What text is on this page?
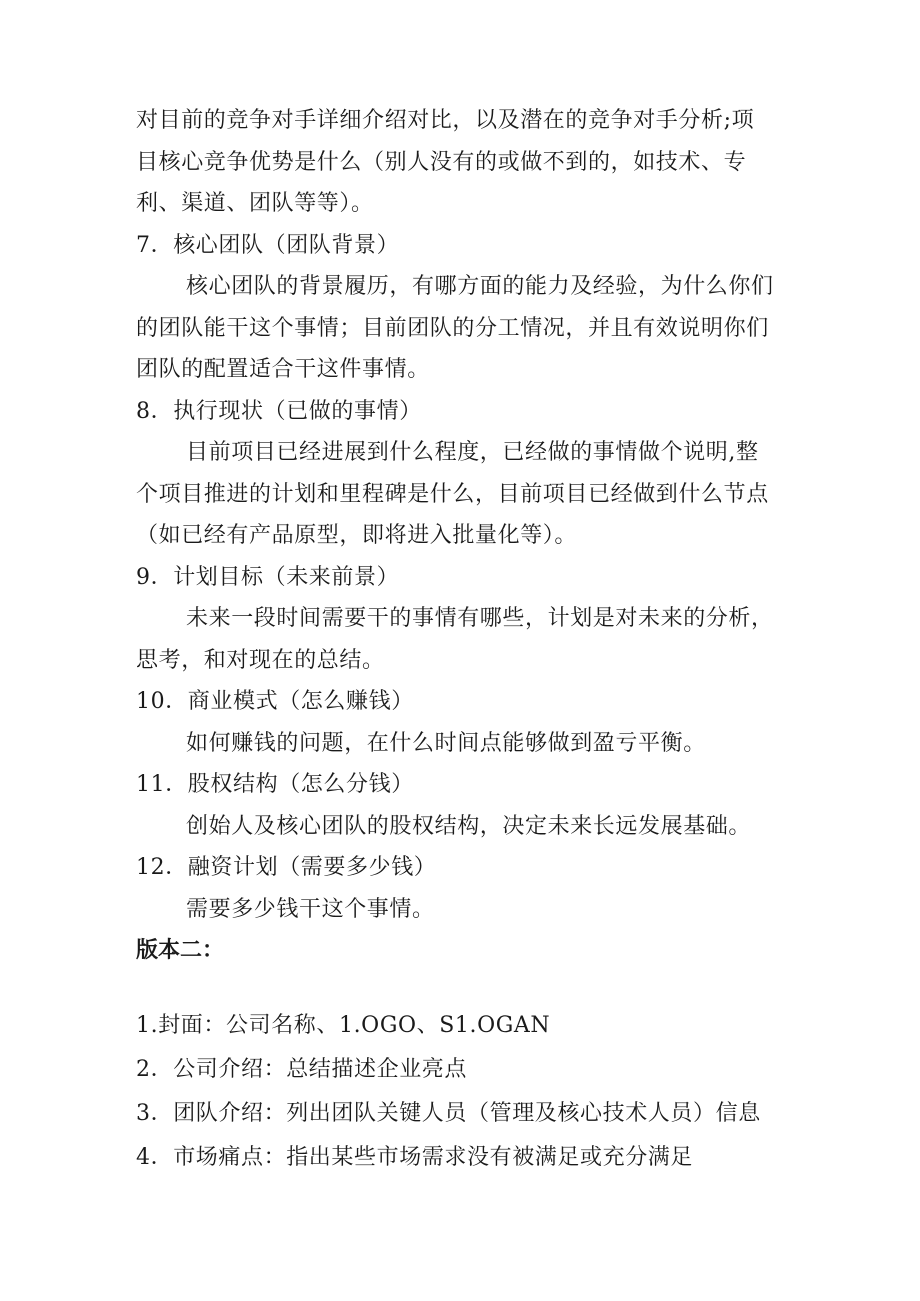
对目前的竞争对手详细介绍对比，以及潜在的竞争对手分析;项
目核心竞争优势是什么（别人没有的或做不到的，如技术、专
利、渠道、团队等等）。
7．核心团队（团队背景）
核心团队的背景履历，有哪方面的能力及经验，为什么你们
的团队能干这个事情；目前团队的分工情况，并且有效说明你们
团队的配置适合干这件事情。
8．执行现状（已做的事情）
目前项目已经进展到什么程度，已经做的事情做个说明,整
个项目推进的计划和里程碑是什么，目前项目已经做到什么节点
（如已经有产品原型，即将进入批量化等）。
9．计划目标（未来前景）
未来一段时间需要干的事情有哪些，计划是对未来的分析，
思考，和对现在的总结。
10．商业模式（怎么赚钱）
如何赚钱的问题，在什么时间点能够做到盈亏平衡。
11．股权结构（怎么分钱）
创始人及核心团队的股权结构，决定未来长远发展基础。
12．融资计划（需要多少钱）
需要多少钱干这个事情。
版本二：
1.封面：公司名称、1.OGO、S1.OGAN
2．公司介绍：总结描述企业亮点
3．团队介绍：列出团队关键人员（管理及核心技术人员）信息
4．市场痛点：指出某些市场需求没有被满足或充分满足
